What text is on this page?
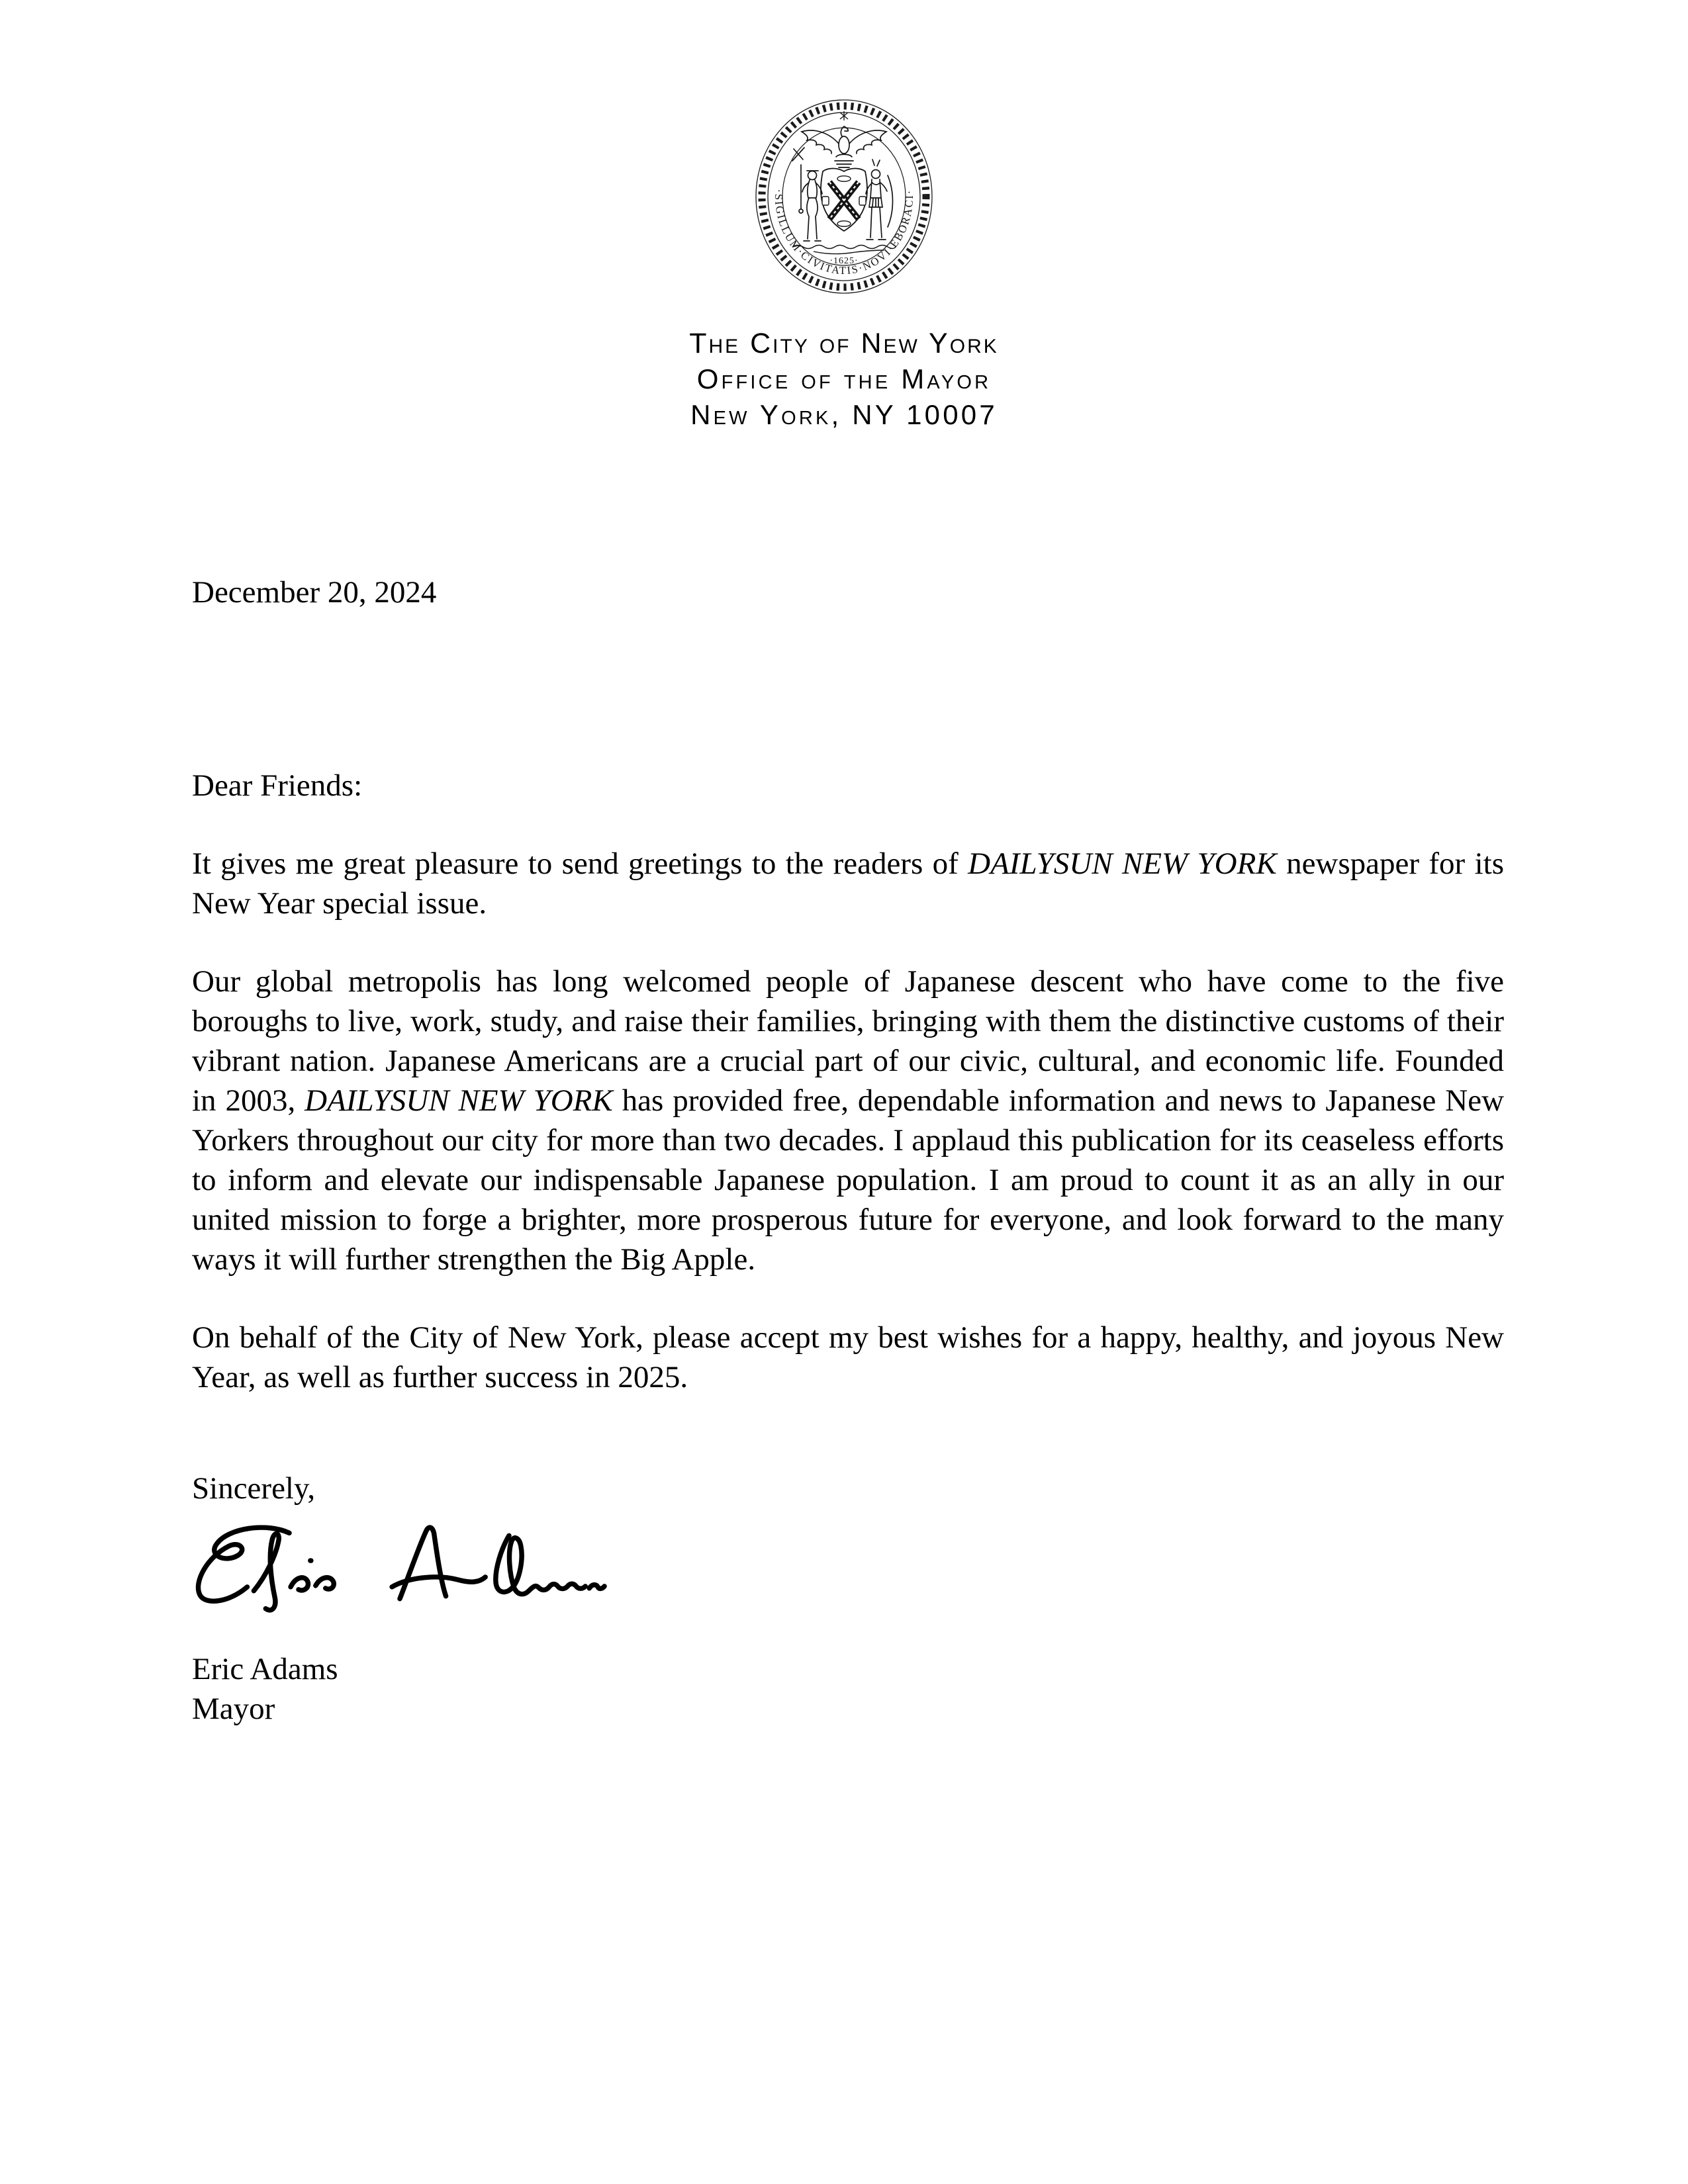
·SIGILLUM·CIVITATIS·NOVI·EBORACI·
·1625·
The City of New York
Office of the Mayor
New York, NY 10007
December 20, 2024

Dear Friends:

It gives me great pleasure to send greetings to the readers of DAILYSUN NEW YORK newspaper for its New Year special issue.

Our global metropolis has long welcomed people of Japanese descent who have come to the five boroughs to live, work, study, and raise their families, bringing with them the distinctive customs of their vibrant nation. Japanese Americans are a crucial part of our civic, cultural, and economic life. Founded in 2003, DAILYSUN NEW YORK has provided free, dependable information and news to Japanese New Yorkers throughout our city for more than two decades. I applaud this publication for its ceaseless efforts to inform and elevate our indispensable Japanese population. I am proud to count it as an ally in our united mission to forge a brighter, more prosperous future for everyone, and look forward to the many ways it will further strengthen the Big Apple.

On behalf of the City of New York, please accept my best wishes for a happy, healthy, and joyous New Year, as well as further success in 2025.

Sincerely,

Eric Adams
Mayor
